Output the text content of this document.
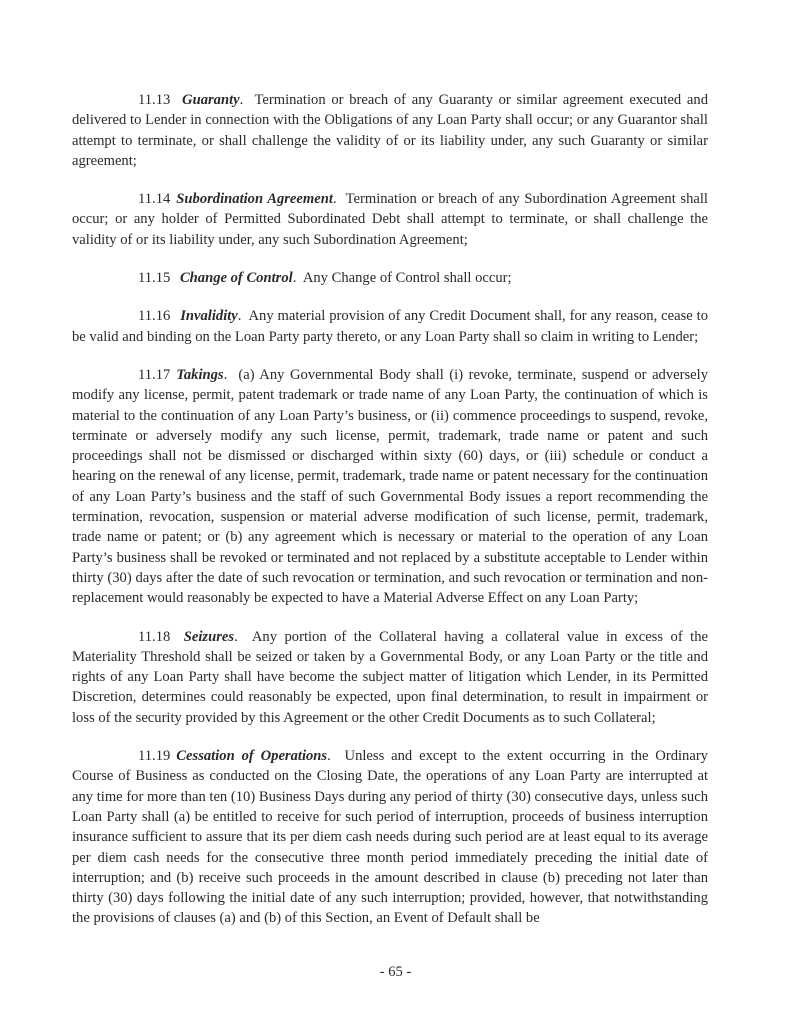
11.13 Guaranty.  Termination or breach of any Guaranty or similar agreement executed and delivered to Lender in connection with the Obligations of any Loan Party shall occur; or any Guarantor shall attempt to terminate, or shall challenge the validity of or its liability under, any such Guaranty or similar agreement;

11.14 Subordination Agreement.  Termination or breach of any Subordination Agreement shall occur; or any holder of Permitted Subordinated Debt shall attempt to terminate, or shall challenge the validity of or its liability under, any such Subordination Agreement;

11.15 Change of Control.  Any Change of Control shall occur;

11.16 Invalidity.  Any material provision of any Credit Document shall, for any reason, cease to be valid and binding on the Loan Party party thereto, or any Loan Party shall so claim in writing to Lender;

11.17 Takings.  (a) Any Governmental Body shall (i) revoke, terminate, suspend or adversely modify any license, permit, patent trademark or trade name of any Loan Party, the continuation of which is material to the continuation of any Loan Party’s business, or (ii) commence proceedings to suspend, revoke, terminate or adversely modify any such license, permit, trademark, trade name or patent and such proceedings shall not be dismissed or discharged within sixty (60) days, or (iii) schedule or conduct a hearing on the renewal of any license, permit, trademark, trade name or patent necessary for the continuation of any Loan Party’s business and the staff of such Governmental Body issues a report recommending the termination, revocation, suspension or material adverse modification of such license, permit, trademark, trade name or patent; or (b) any agreement which is necessary or material to the operation of any Loan Party’s business shall be revoked or terminated and not replaced by a substitute acceptable to Lender within thirty (30) days after the date of such revocation or termination, and such revocation or termination and non-replacement would reasonably be expected to have a Material Adverse Effect on any Loan Party;

11.18 Seizures.  Any portion of the Collateral having a collateral value in excess of the Materiality Threshold shall be seized or taken by a Governmental Body, or any Loan Party or the title and rights of any Loan Party shall have become the subject matter of litigation which Lender, in its Permitted Discretion, determines could reasonably be expected, upon final determination, to result in impairment or loss of the security provided by this Agreement or the other Credit Documents as to such Collateral;

11.19 Cessation of Operations.  Unless and except to the extent occurring in the Ordinary Course of Business as conducted on the Closing Date, the operations of any Loan Party are interrupted at any time for more than ten (10) Business Days during any period of thirty (30) consecutive days, unless such Loan Party shall (a) be entitled to receive for such period of interruption, proceeds of business interruption insurance sufficient to assure that its per diem cash needs during such period are at least equal to its average per diem cash needs for the consecutive three month period immediately preceding the initial date of interruption; and (b) receive such proceeds in the amount described in clause (b) preceding not later than thirty (30) days following the initial date of any such interruption; provided, however, that notwithstanding the provisions of clauses (a) and (b) of this Section, an Event of Default shall be

- 65 -
